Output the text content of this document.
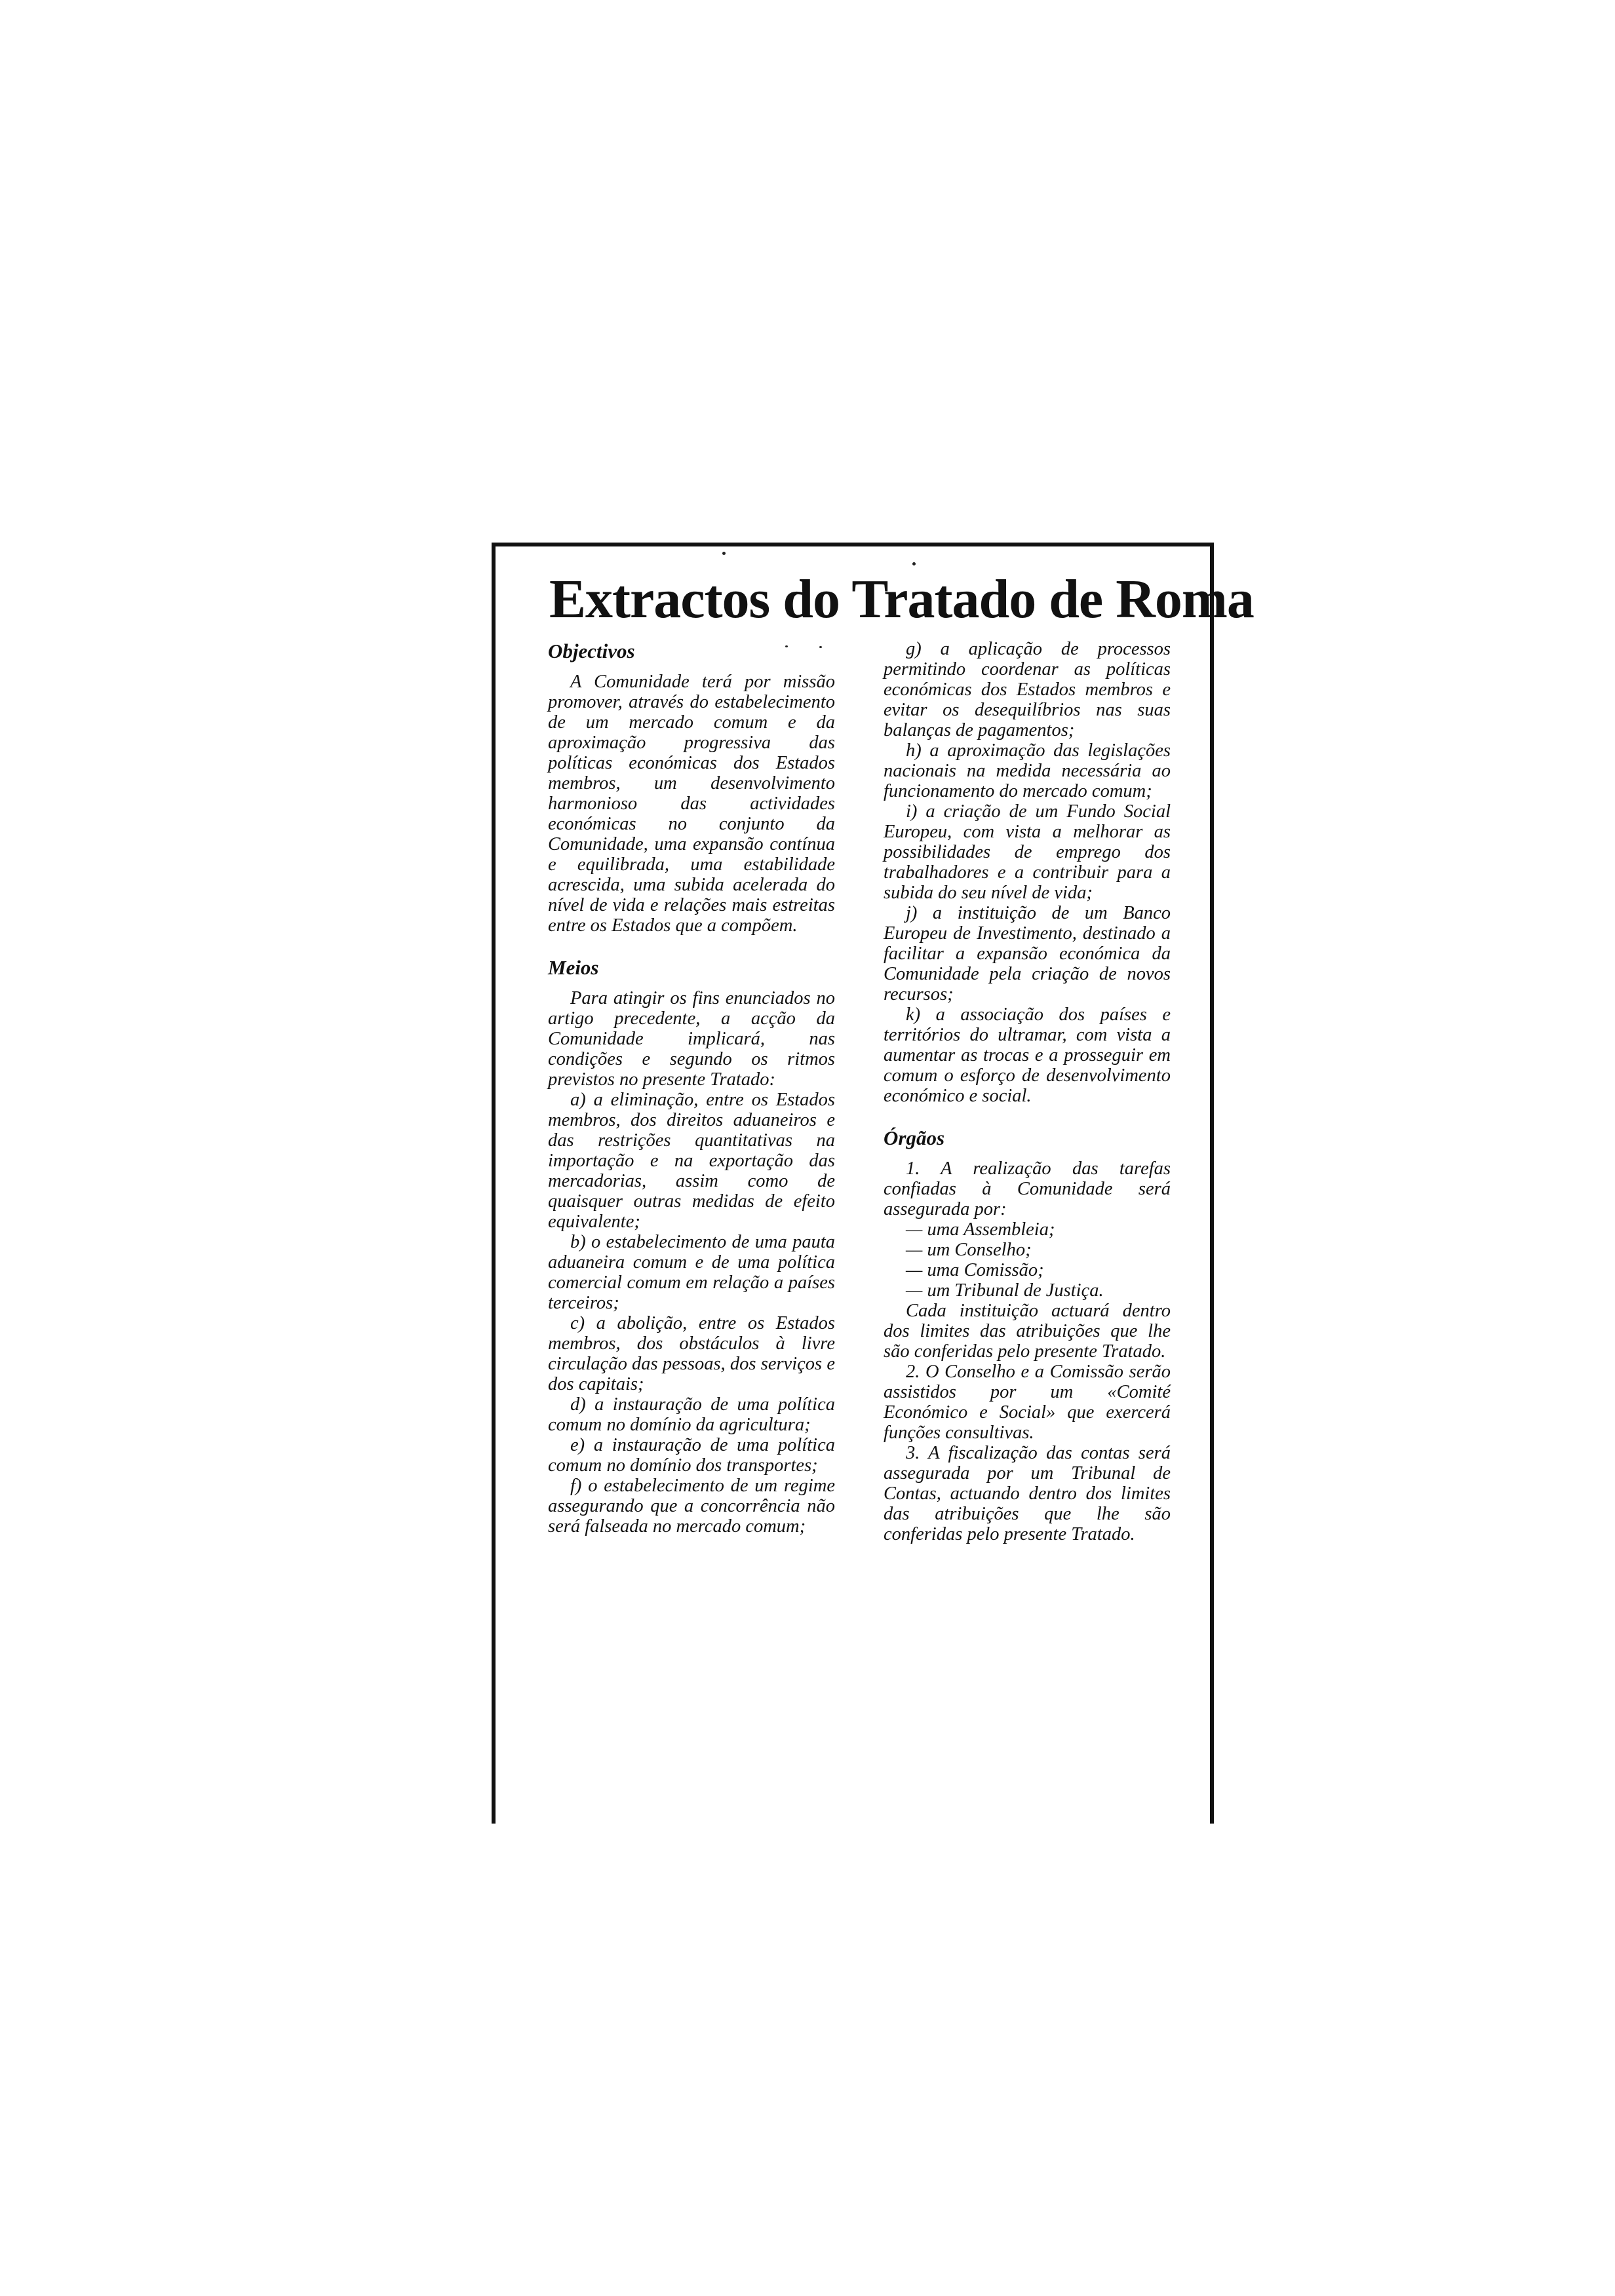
Extractos do Tratado de Roma
Objectivos

A Comunidade terá por missão promover, através do estabelecimento de um mercado comum e da aproximação progressiva das políticas económicas dos Estados membros, um desenvolvimento harmonioso das actividades económicas no conjunto da Comunidade, uma expansão contínua e equilibrada, uma estabilidade acrescida, uma subida acelerada do nível de vida e relações mais estreitas entre os Estados que a compõem.

Meios

Para atingir os fins enunciados no artigo precedente, a acção da Comunidade implicará, nas condições e segundo os ritmos previstos no presente Tratado:

a) a eliminação, entre os Estados membros, dos direitos aduaneiros e das restrições quantitativas na importação e na exportação das mercadorias, assim como de quaisquer outras medidas de efeito equivalente;

b) o estabelecimento de uma pauta aduaneira comum e de uma política comercial comum em relação a países terceiros;

c) a abolição, entre os Estados membros, dos obstáculos à livre circulação das pessoas, dos serviços e dos capitais;

d) a instauração de uma política comum no domínio da agricultura;

e) a instauração de uma política comum no domínio dos transportes;

f) o estabelecimento de um regime assegurando que a concorrência não será falseada no mercado comum;

g) a aplicação de processos permitindo coordenar as políticas económicas dos Estados membros e evitar os desequilíbrios nas suas balanças de pagamentos;

h) a aproximação das legislações nacionais na medida necessária ao funcionamento do mercado comum;

i) a criação de um Fundo Social Europeu, com vista a melhorar as possibilidades de emprego dos trabalhadores e a contribuir para a subida do seu nível de vida;

j) a instituição de um Banco Europeu de Investimento, destinado a facilitar a expansão económica da Comunidade pela criação de novos recursos;

k) a associação dos países e territórios do ultramar, com vista a aumentar as trocas e a prosseguir em comum o esforço de desenvolvimento económico e social.

Órgãos

1. A realização das tarefas confiadas à Comunidade será assegurada por:

— uma Assembleia;

— um Conselho;

— uma Comissão;

— um Tribunal de Justiça.

Cada instituição actuará dentro dos limites das atribuições que lhe são conferidas pelo presente Tratado.

2. O Conselho e a Comissão serão assistidos por um «Comité Económico e Social» que exercerá funções consultivas.

3. A fiscalização das contas será assegurada por um Tribunal de Contas, actuando dentro dos limites das atribuições que lhe são conferidas pelo presente Tratado.
